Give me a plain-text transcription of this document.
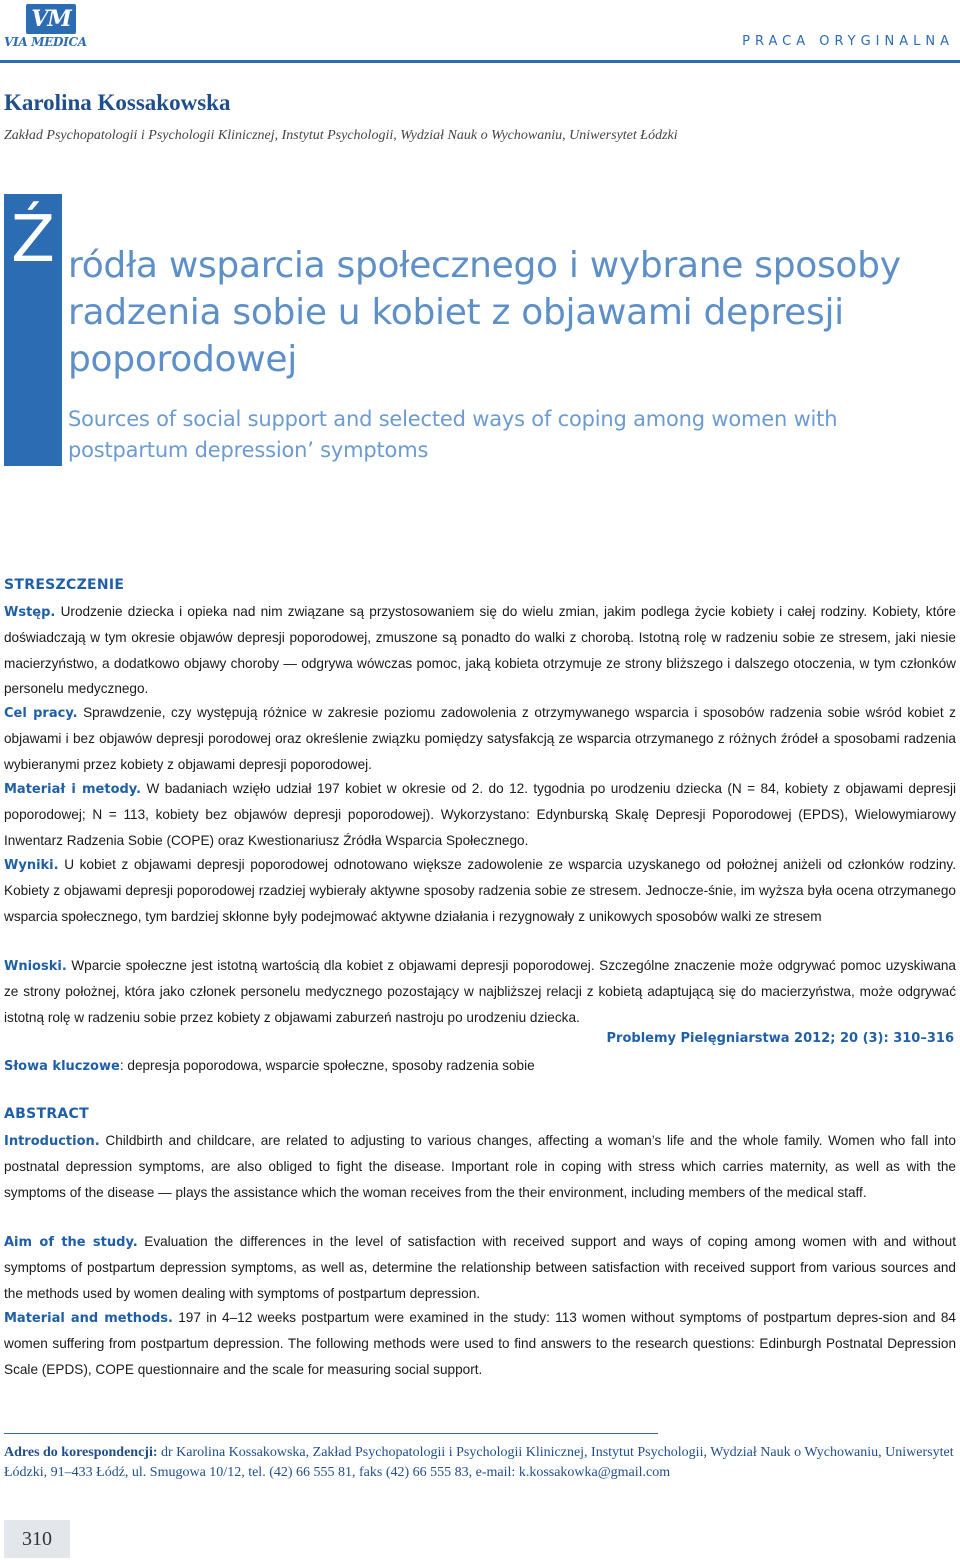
VM
VIA MEDICA	PRACA ORYGINALNA
Karolina Kossakowska
Zakład Psychopatologii i Psychologii Klinicznej, Instytut Psychologii, Wydział Nauk o Wychowaniu, Uniwersytet Łódzki
Ź ródła wsparcia społecznego i wybrane sposoby radzenia sobie u kobiet z objawami depresji poporodowej
Sources of social support and selected ways of coping among women with postpartum depression’ symptoms
STRESZCZENIE
Wstęp. Urodzenie dziecka i opieka nad nim związane są przystosowaniem się do wielu zmian, jakim podlega życie kobiety i całej rodziny. Kobiety, które doświadczają w tym okresie objawów depresji poporodowej, zmuszone są ponadto do walki z chorobą. Istotną rolę w radzeniu sobie ze stresem, jaki niesie macierzyństwo, a dodatkowo objawy choroby — odgrywa wówczas pomoc, jaką kobieta otrzymuje ze strony bliższego i dalszego otoczenia, w tym członków personelu medycznego.
Cel pracy. Sprawdzenie, czy występują różnice w zakresie poziomu zadowolenia z otrzymywanego wsparcia i sposobów radzenia sobie wśród kobiet z objawami i bez objawów depresji porodowej oraz określenie związku pomiędzy satysfakcją ze wsparcia otrzymanego z różnych źródeł a sposobami radzenia wybieranymi przez kobiety z objawami depresji poporodowej.
Materiał i metody. W badaniach wzięło udział 197 kobiet w okresie od 2. do 12. tygodnia po urodzeniu dziecka (N = 84, kobiety z objawami depresji poporodowej; N = 113, kobiety bez objawów depresji poporodowej). Wykorzystano: Edynburską Skalę Depresji Poporodowej (EPDS), Wielowymiarowy Inwentarz Radzenia Sobie (COPE) oraz Kwestionariusz Źródła Wsparcia Społecznego.
Wyniki. U kobiet z objawami depresji poporodowej odnotowano większe zadowolenie ze wsparcia uzyskanego od położnej aniżeli od członków rodziny. Kobiety z objawami depresji poporodowej rzadziej wybierały aktywne sposoby radzenia sobie ze stresem. Jednocze-śnie, im wyższa była ocena otrzymanego wsparcia społecznego, tym bardziej skłonne były podejmować aktywne działania i rezygnowały z unikowych sposobów walki ze stresem
Wnioski. Wparcie społeczne jest istotną wartością dla kobiet z objawami depresji poporodowej. Szczególne znaczenie może odgrywać pomoc uzyskiwana ze strony położnej, która jako członek personelu medycznego pozostający w najbliższej relacji z kobietą adaptującą się do macierzyństwa, może odgrywać istotną rolę w radzeniu sobie przez kobiety z objawami zaburzeń nastroju po urodzeniu dziecka.
Problemy Pielęgniarstwa 2012; 20 (3): 310–316
Słowa kluczowe: depresja poporodowa, wsparcie społeczne, sposoby radzenia sobie
ABSTRACT
Introduction. Childbirth and childcare, are related to adjusting to various changes, affecting a woman’s life and the whole family. Women who fall into postnatal depression symptoms, are also obliged to fight the disease. Important role in coping with stress which carries maternity, as well as with the symptoms of the disease — plays the assistance which the woman receives from the their environment, including members of the medical staff.
Aim of the study. Evaluation the differences in the level of satisfaction with received support and ways of coping among women with and without symptoms of postpartum depression symptoms, as well as, determine the relationship between satisfaction with received support from various sources and the methods used by women dealing with symptoms of postpartum depression.
Material and methods. 197 in 4–12 weeks postpartum were examined in the study: 113 women without symptoms of postpartum depres-sion and 84 women suffering from postpartum depression. The following methods were used to find answers to the research questions: Edinburgh Postnatal Depression Scale (EPDS), COPE questionnaire and the scale for measuring social support.
Adres do korespondencji: dr Karolina Kossakowska, Zakład Psychopatologii i Psychologii Klinicznej, Instytut Psychologii, Wydział Nauk o Wychowaniu, Uniwersytet Łódzki, 91–433 Łódź, ul. Smugowa 10/12, tel. (42) 66 555 81, faks (42) 66 555 83, e-mail: k.kossakowka@gmail.com
310
